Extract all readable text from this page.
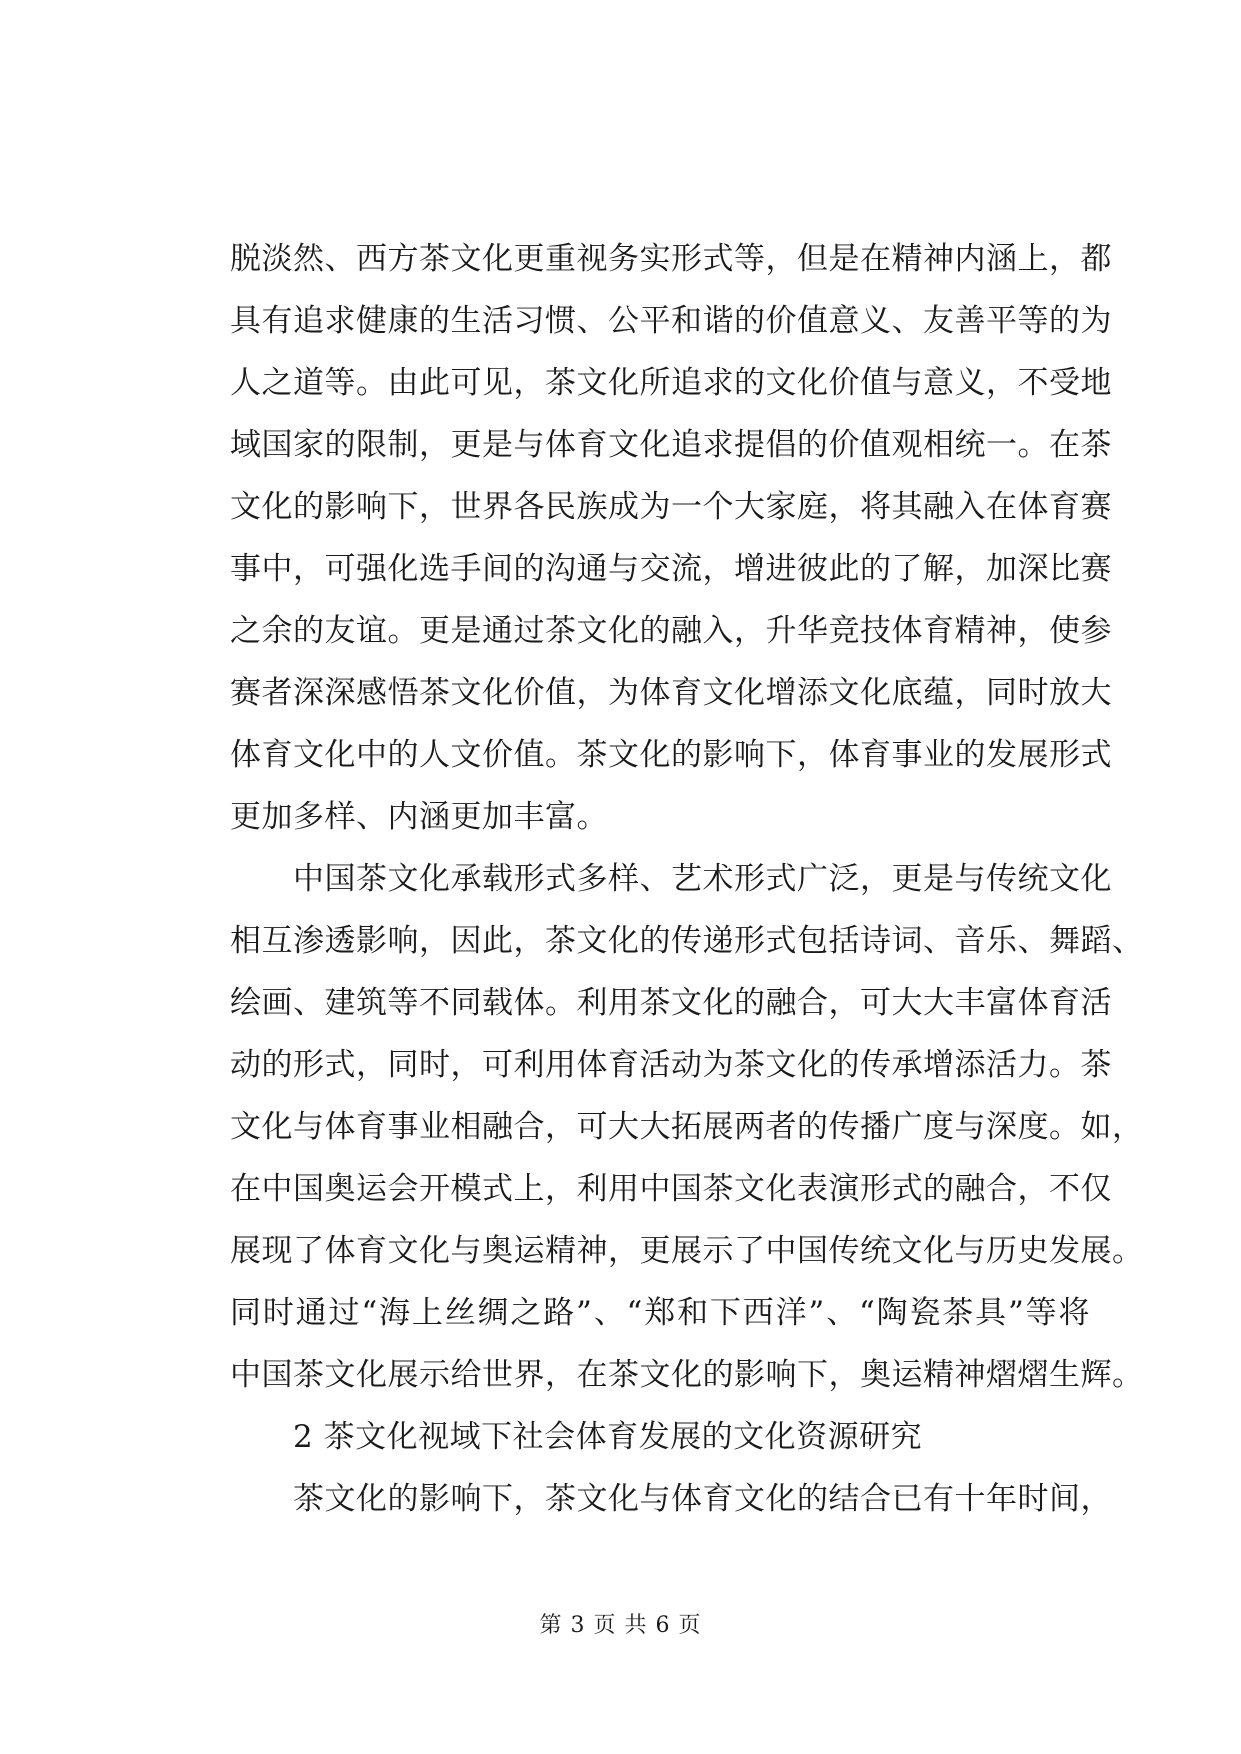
脱淡然、西方茶文化更重视务实形式等，但是在精神内涵上，都
具有追求健康的生活习惯、公平和谐的价值意义、友善平等的为
人之道等。由此可见，茶文化所追求的文化价值与意义，不受地
域国家的限制，更是与体育文化追求提倡的价值观相统一。在茶
文化的影响下，世界各民族成为一个大家庭，将其融入在体育赛
事中，可强化选手间的沟通与交流，增进彼此的了解，加深比赛
之余的友谊。更是通过茶文化的融入，升华竞技体育精神，使参
赛者深深感悟茶文化价值，为体育文化增添文化底蕴，同时放大
体育文化中的人文价值。茶文化的影响下，体育事业的发展形式
更加多样、内涵更加丰富。
　　中国茶文化承载形式多样、艺术形式广泛，更是与传统文化
相互渗透影响，因此，茶文化的传递形式包括诗词、音乐、舞蹈、
绘画、建筑等不同载体。利用茶文化的融合，可大大丰富体育活
动的形式，同时，可利用体育活动为茶文化的传承增添活力。茶
文化与体育事业相融合，可大大拓展两者的传播广度与深度。如，
在中国奥运会开模式上，利用中国茶文化表演形式的融合，不仅
展现了体育文化与奥运精神，更展示了中国传统文化与历史发展。
同时通过“海上丝绸之路”、“郑和下西洋”、“陶瓷茶具”等将
中国茶文化展示给世界，在茶文化的影响下，奥运精神熠熠生辉。
　　2 茶文化视域下社会体育发展的文化资源研究
　　茶文化的影响下，茶文化与体育文化的结合已有十年时间，
第 3 页 共 6 页
